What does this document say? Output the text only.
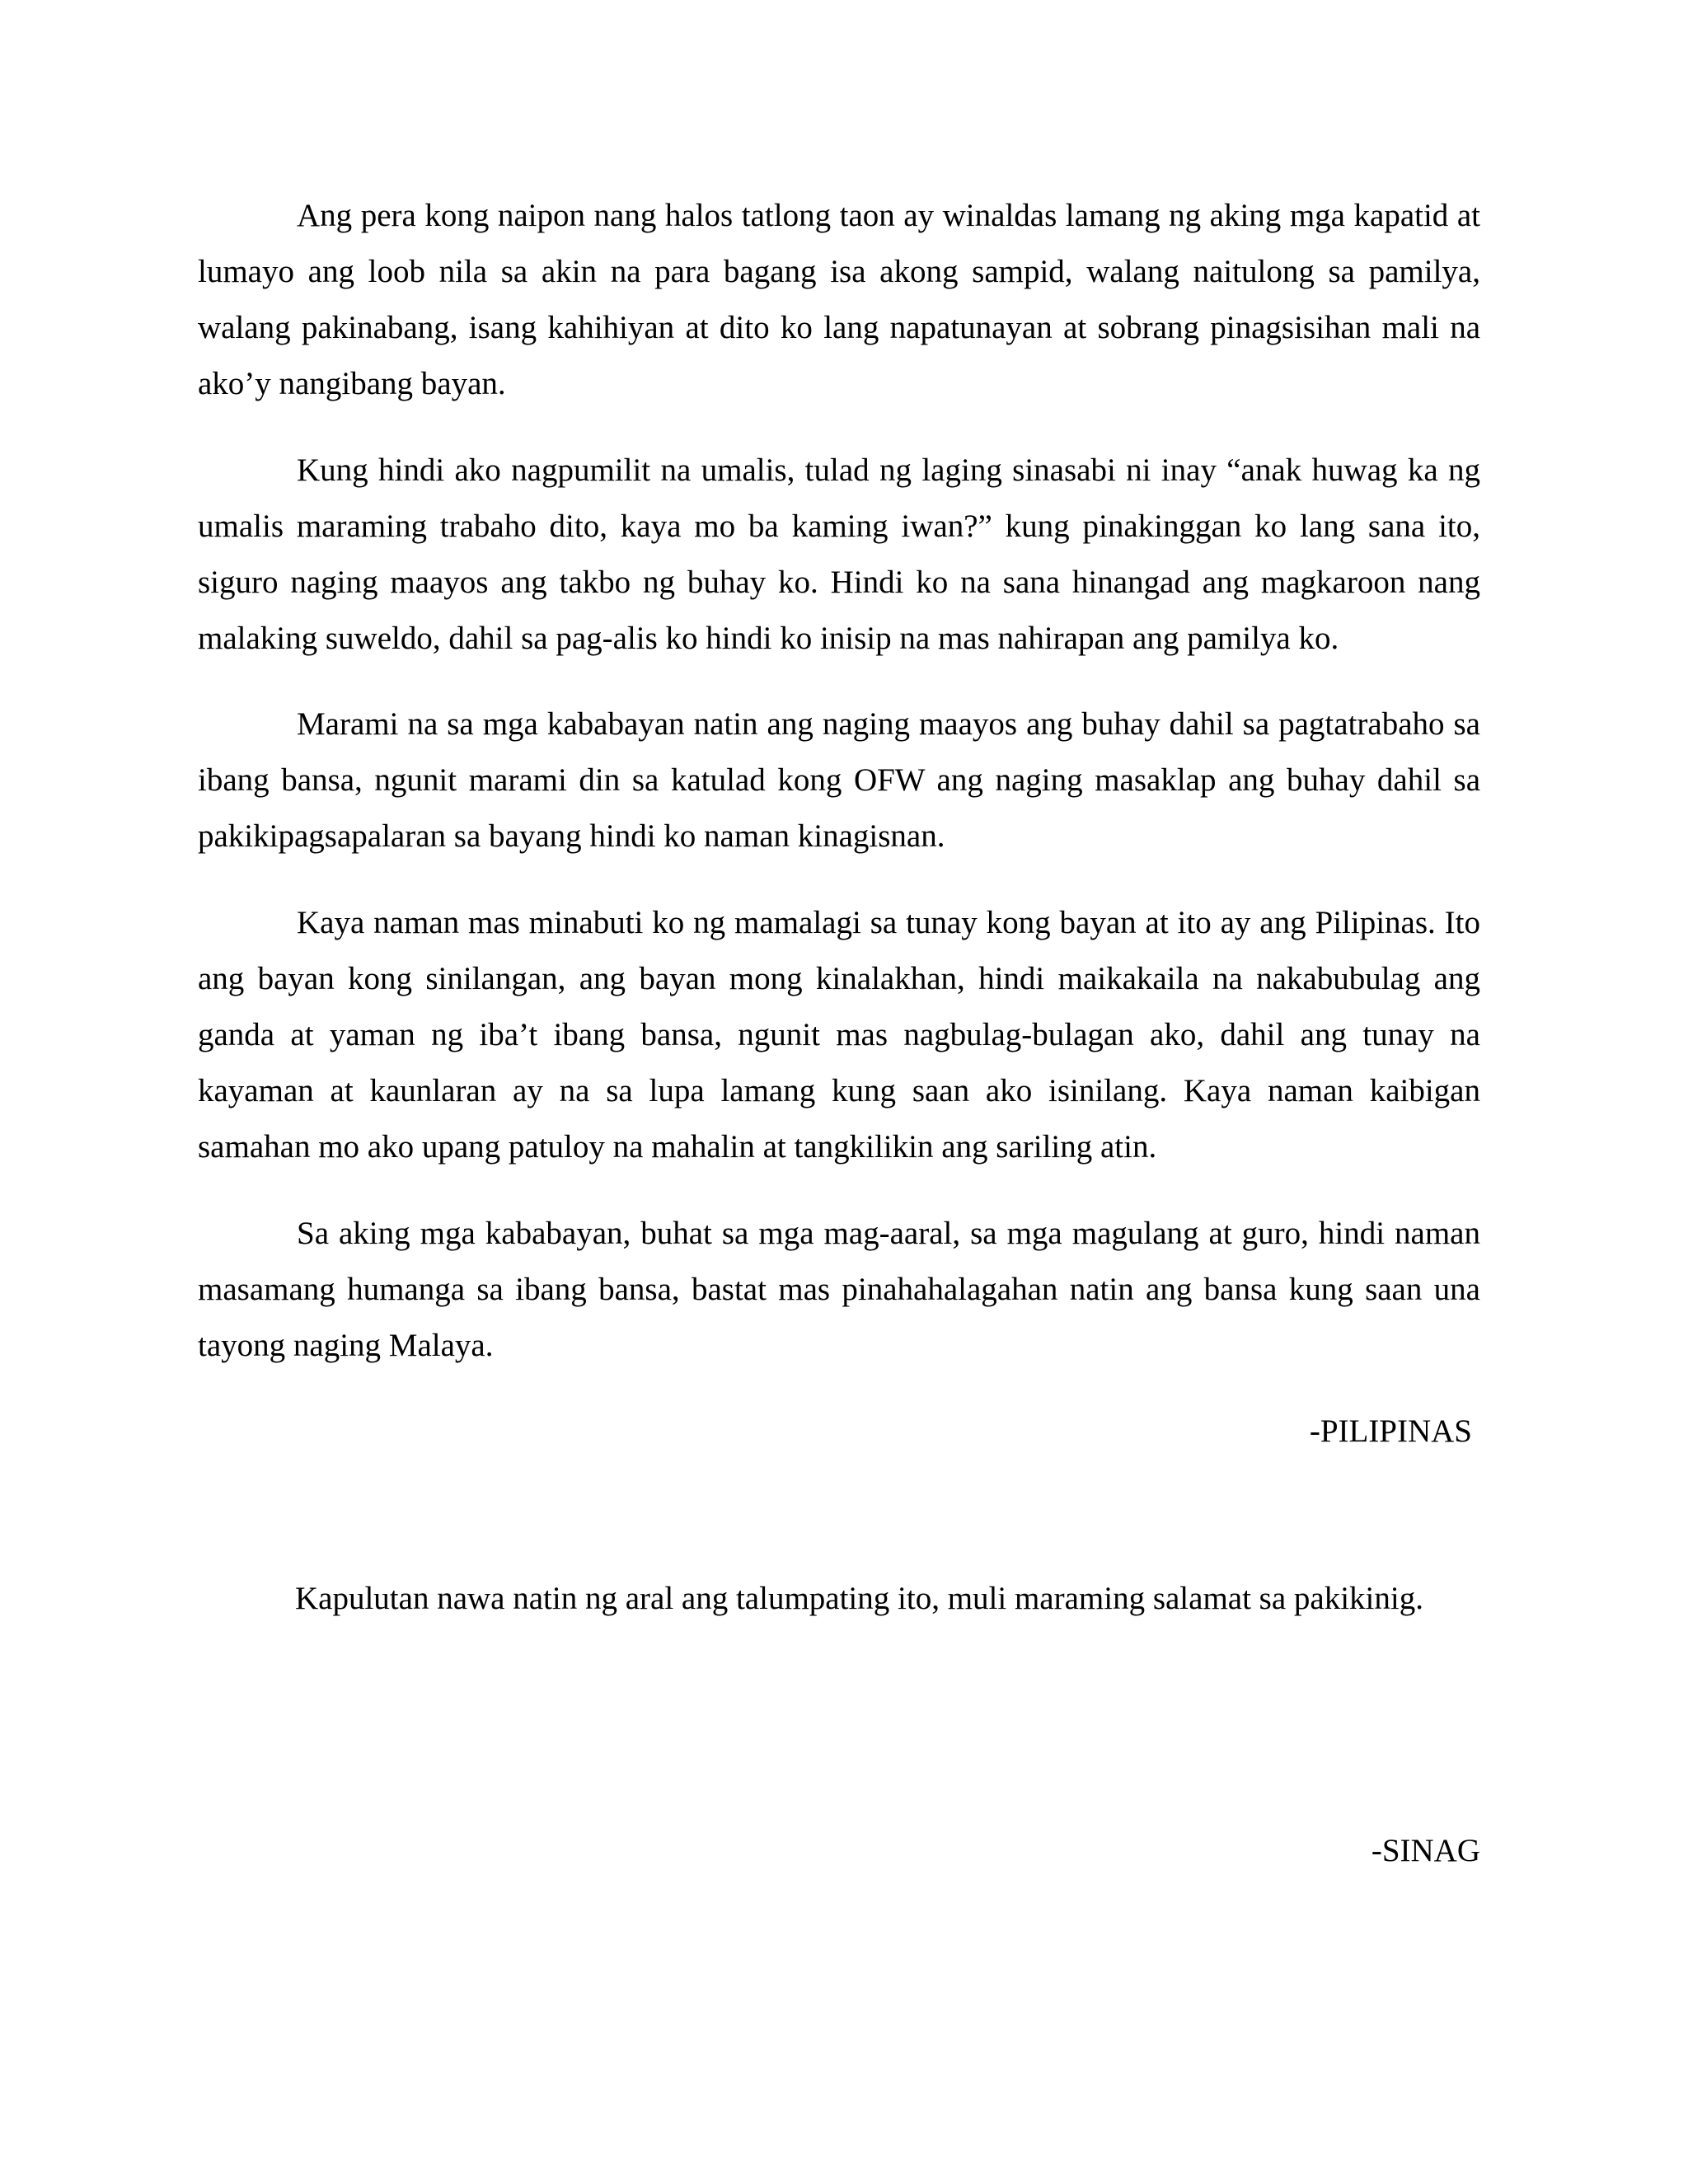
Ang pera kong naipon nang halos tatlong taon ay winaldas lamang ng aking mga kapatid at lumayo ang loob nila sa akin na para bagang isa akong sampid, walang naitulong sa pamilya, walang pakinabang, isang kahihiyan at dito ko lang napatunayan at sobrang pinagsisihan mali na ako’y nangibang bayan.

Kung hindi ako nagpumilit na umalis, tulad ng laging sinasabi ni inay “anak huwag ka ng umalis maraming trabaho dito, kaya mo ba kaming iwan?” kung pinakinggan ko lang sana ito, siguro naging maayos ang takbo ng buhay ko. Hindi ko na sana hinangad ang magkaroon nang malaking suweldo, dahil sa pag-alis ko hindi ko inisip na mas nahirapan ang pamilya ko.

Marami na sa mga kababayan natin ang naging maayos ang buhay dahil sa pagtatrabaho sa ibang bansa, ngunit marami din sa katulad kong OFW ang naging masaklap ang buhay dahil sa pakikipagsapalaran sa bayang hindi ko naman kinagisnan.

Kaya naman mas minabuti ko ng mamalagi sa tunay kong bayan at ito ay ang Pilipinas. Ito ang bayan kong sinilangan, ang bayan mong kinalakhan, hindi maikakaila na nakabubulag ang ganda at yaman ng iba’t ibang bansa, ngunit mas nagbulag-bulagan ako, dahil ang tunay na kayaman at kaunlaran ay na sa lupa lamang kung saan ako isinilang. Kaya naman kaibigan samahan mo ako upang patuloy na mahalin at tangkilikin ang sariling atin.

Sa aking mga kababayan, buhat sa mga mag-aaral, sa mga magulang at guro, hindi naman masamang humanga sa ibang bansa, bastat mas pinahahalagahan natin ang bansa kung saan una tayong naging Malaya.

-PILIPINAS

Kapulutan nawa natin ng aral ang talumpating ito, muli maraming salamat sa pakikinig.

-SINAG
